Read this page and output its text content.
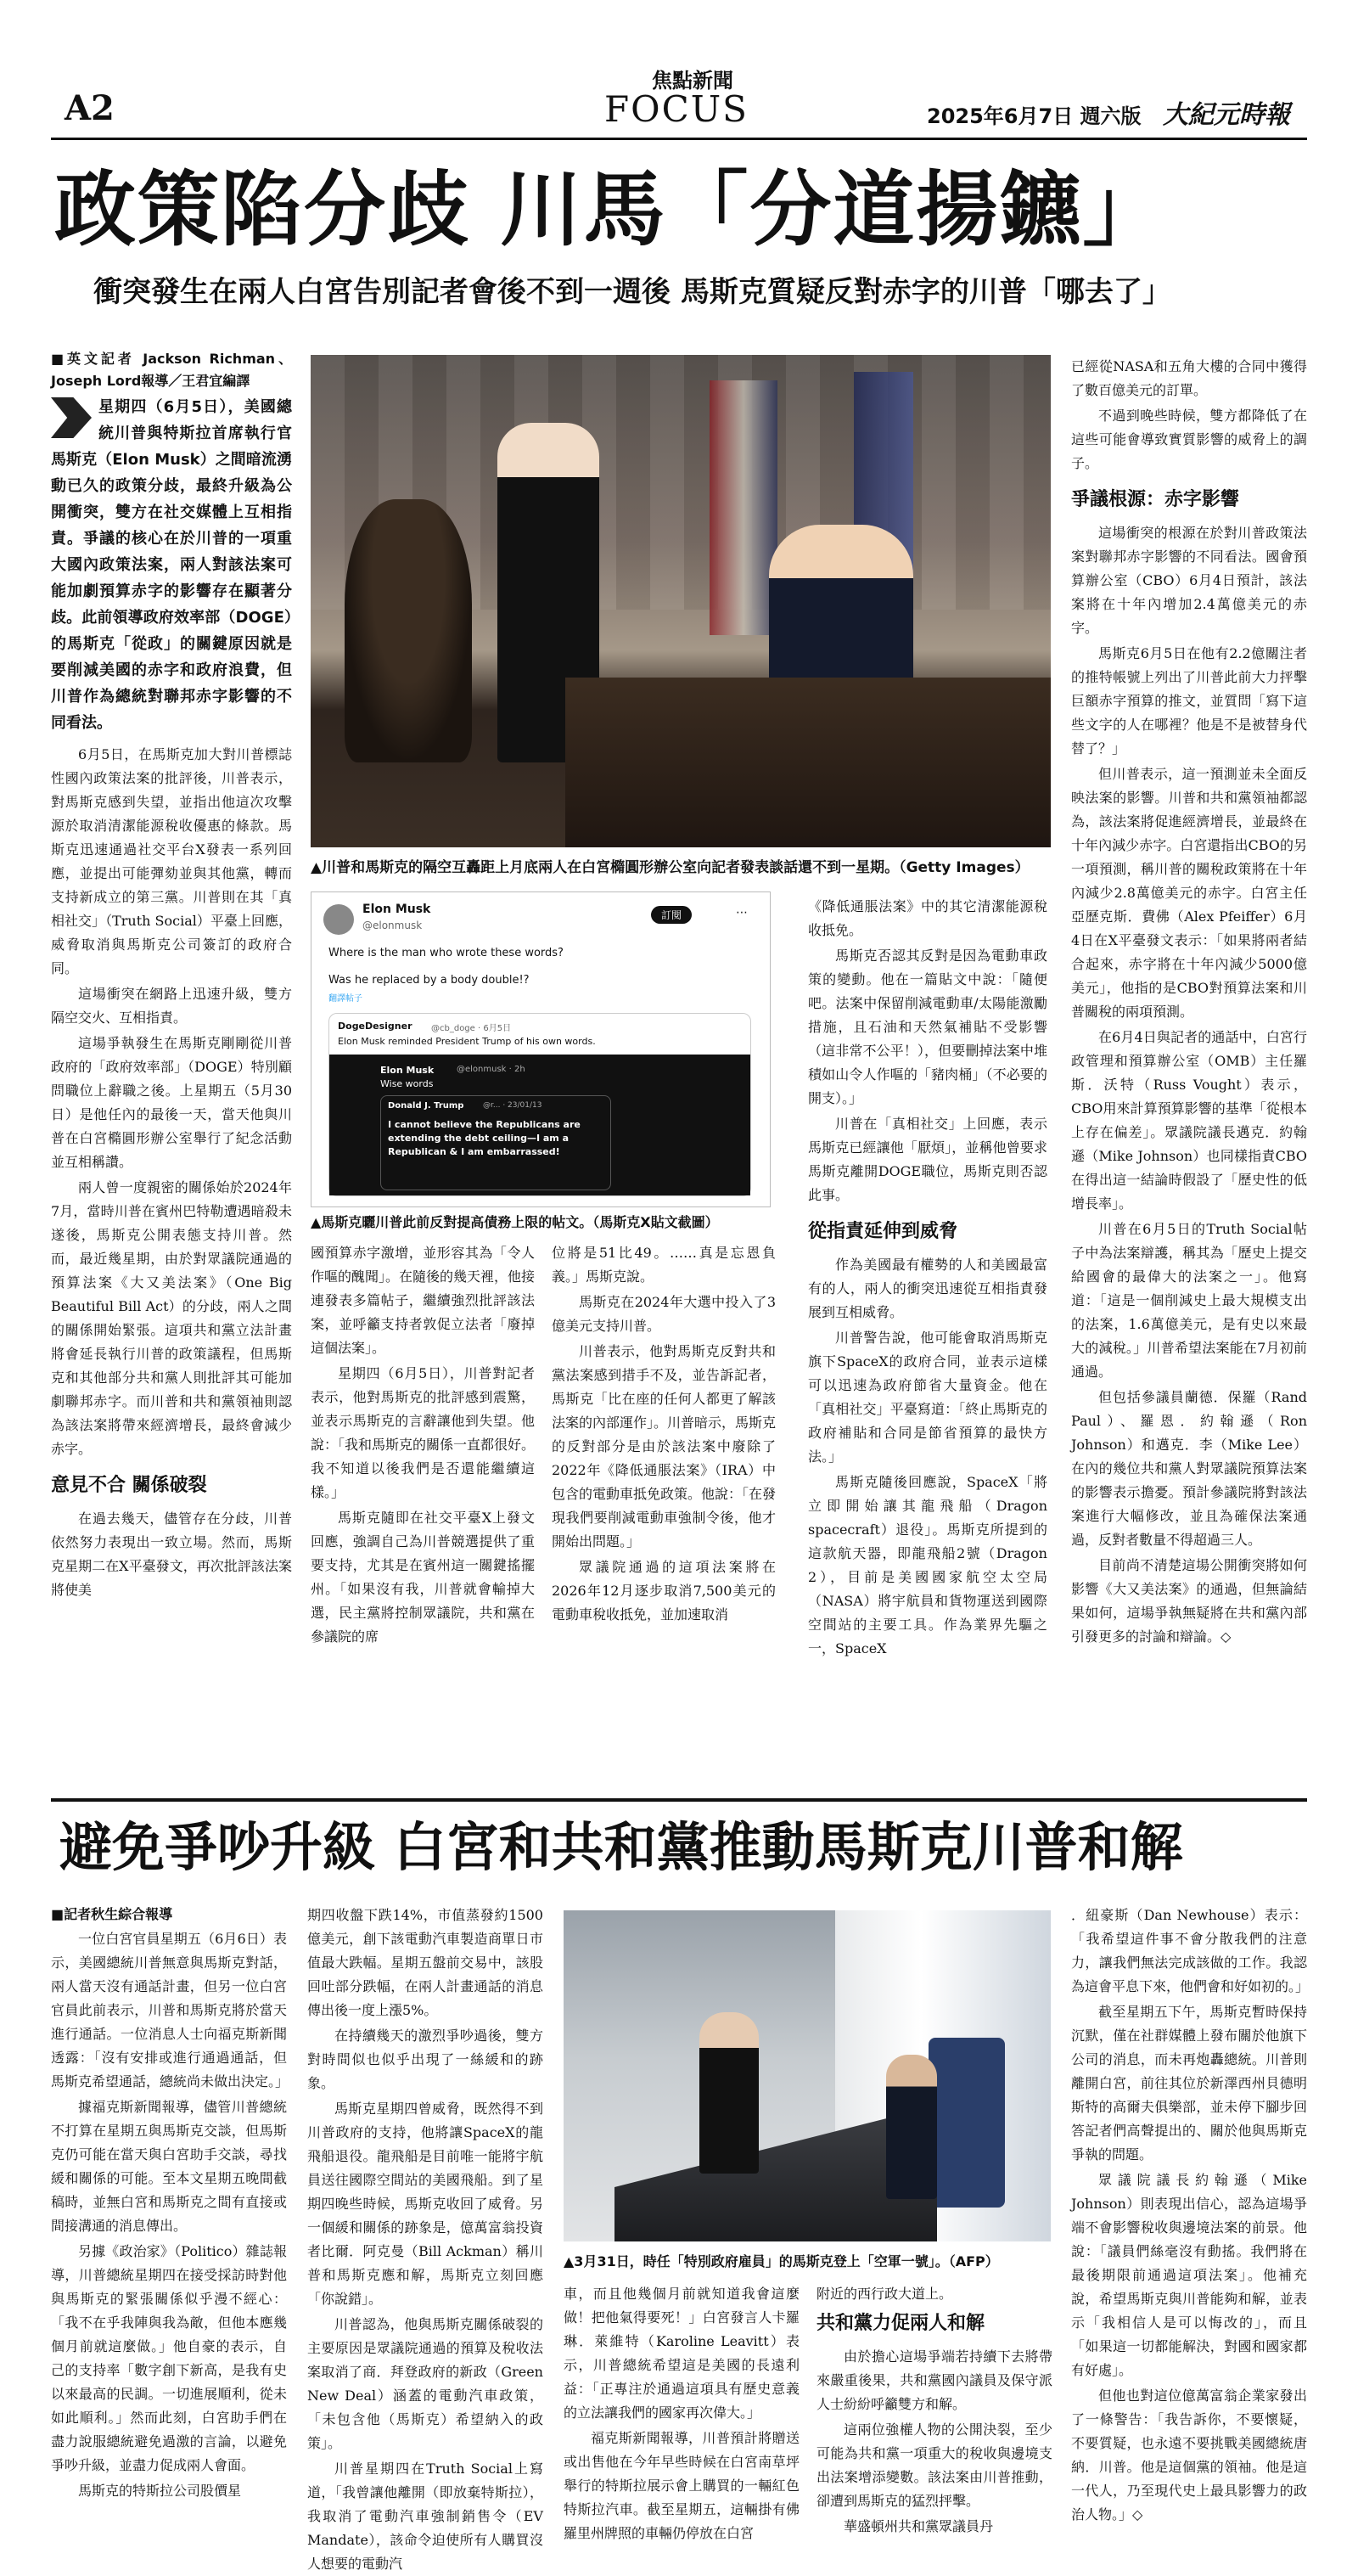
A2
焦點新聞
FOCUS	2025年6月7日 週六版 大紀元時報
政策陷分歧 川馬「分道揚鑣」
衝突發生在兩人白宮告別記者會後不到一週後 馬斯克質疑反對赤字的川普「哪去了」

■英文記者 Jackson Richman、Joseph Lord報導／王君宜編譯

星期四（6月5日），美國總統川普與特斯拉首席執行官馬斯克（Elon Musk）之間暗流湧動已久的政策分歧，最終升級為公開衝突，雙方在社交媒體上互相指責。爭議的核心在於川普的一項重大國內政策法案，兩人對該法案可能加劇預算赤字的影響存在顯著分歧。此前領導政府效率部（DOGE）的馬斯克「從政」的關鍵原因就是要削減美國的赤字和政府浪費，但川普作為總統對聯邦赤字影響的不同看法。

6月5日，在馬斯克加大對川普標誌性國內政策法案的批評後，川普表示，對馬斯克感到失望，並指出他這次攻擊源於取消清潔能源稅收優惠的條款。馬斯克迅速通過社交平台X發表一系列回應，並提出可能彈劾並與其他黨，轉而支持新成立的第三黨。川普則在其「真相社交」（Truth Social）平臺上回應，威脅取消與馬斯克公司簽訂的政府合同。

這場衝突在網路上迅速升級，雙方隔空交火、互相指責。

這場爭執發生在馬斯克剛剛從川普政府的「政府效率部」（DOGE）特別顧問職位上辭職之後。上星期五（5月30日）是他任內的最後一天，當天他與川普在白宮橢圓形辦公室舉行了紀念活動並互相稱讚。

兩人曾一度親密的關係始於2024年7月，當時川普在賓州巴特勒遭遇暗殺未遂後，馬斯克公開表態支持川普。然而，最近幾星期，由於對眾議院通過的預算法案《大又美法案》（One Big Beautiful Bill Act）的分歧，兩人之間的關係開始緊張。這項共和黨立法計畫將會延長執行川普的政策議程，但馬斯克和其他部分共和黨人則批評其可能加劇聯邦赤字。而川普和共和黨領袖則認為該法案將帶來經濟增長，最終會減少赤字。

意見不合 關係破裂

在過去幾天，儘管存在分歧，川普依然努力表現出一致立場。然而，馬斯克星期二在X平臺發文，再次批評該法案將使美

▲川普和馬斯克的隔空互轟距上月底兩人在白宮橢圓形辦公室向記者發表談話還不到一星期。（Getty Images）
Elon Musk
@elonmusk
訂閱	⋯
Where is the man who wrote these words?
Was he replaced by a body double!?
翻譯帖子
DogeDesigner @cb_doge · 6月5日
Elon Musk reminded President Trump of his own words.
Elon Musk	@elonmusk · 2h
Wise words
Donald J. Trump	@r... · 23/01/13
I cannot believe the Republicans are extending the debt ceiling—I am a Republican & I am embarrassed!
▲馬斯克曬川普此前反對提高債務上限的帖文。（馬斯克X貼文截圖）

國預算赤字激增，並形容其為「令人作嘔的醜聞」。在隨後的幾天裡，他接連發表多篇帖子，繼續強烈批評該法案，並呼籲支持者敦促立法者「廢掉這個法案」。

星期四（6月5日），川普對記者表示，他對馬斯克的批評感到震驚，並表示馬斯克的言辭讓他到失望。他說：「我和馬斯克的關係一直都很好。我不知道以後我們是否還能繼續這樣。」

馬斯克隨即在社交平臺X上發文回應，強調自己為川普競選提供了重要支持，尤其是在賓州這一關鍵搖擺州。「如果沒有我，川普就會輸掉大選，民主黨將控制眾議院，共和黨在參議院的席

位將是51比49。……真是忘恩負義。」馬斯克說。

馬斯克在2024年大選中投入了3億美元支持川普。

川普表示，他對馬斯克反對共和黨法案感到措手不及，並告訴記者，馬斯克「比在座的任何人都更了解該法案的內部運作」。川普暗示，馬斯克的反對部分是由於該法案中廢除了2022年《降低通脹法案》（IRA）中包含的電動車抵免政策。他說：「在發現我們要削減電動車強制令後，他才開始出問題。」

眾議院通過的這項法案將在2026年12月逐步取消7,500美元的電動車稅收抵免，並加速取消

《降低通脹法案》中的其它清潔能源稅收抵免。

馬斯克否認其反對是因為電動車政策的變動。他在一篇貼文中說：「隨便吧。法案中保留削減電動車/太陽能激勵措施，且石油和天然氣補貼不受影響（這非常不公平！），但要刪掉法案中堆積如山令人作嘔的「豬肉桶」（不必要的開支）。」

川普在「真相社交」上回應，表示馬斯克已經讓他「厭煩」，並稱他曾要求馬斯克離開DOGE職位，馬斯克則否認此事。

從指責延伸到威脅

作為美國最有權勢的人和美國最富有的人，兩人的衝突迅速從互相指責發展到互相威脅。

川普警告說，他可能會取消馬斯克旗下SpaceX的政府合同，並表示這樣可以迅速為政府節省大量資金。他在「真相社交」平臺寫道：「終止馬斯克的政府補貼和合同是節省預算的最快方法。」

馬斯克隨後回應說，SpaceX「將立即開始讓其龍飛船（Dragon spacecraft）退役」。馬斯克所提到的這款航天器，即龍飛船2號（Dragon 2），目前是美國國家航空太空局（NASA）將宇航員和貨物運送到國際空間站的主要工具。作為業界先驅之一，SpaceX

已經從NASA和五角大樓的合同中獲得了數百億美元的訂單。

不過到晚些時候，雙方都降低了在這些可能會導致實質影響的威脅上的調子。

爭議根源：赤字影響

這場衝突的根源在於對川普政策法案對聯邦赤字影響的不同看法。國會預算辦公室（CBO）6月4日預計，該法案將在十年內增加2.4萬億美元的赤字。

馬斯克6月5日在他有2.2億關注者的推特帳號上列出了川普此前大力抨擊巨額赤字預算的推文，並質問「寫下這些文字的人在哪裡？他是不是被替身代替了？」

但川普表示，這一預測並未全面反映法案的影響。川普和共和黨領袖都認為，該法案將促進經濟增長，並最終在十年內減少赤字。白宮還指出CBO的另一項預測，稱川普的關稅政策將在十年內減少2.8萬億美元的赤字。白宮主任亞歷克斯．費佛（Alex Pfeiffer）6月4日在X平臺發文表示：「如果將兩者結合起來，赤字將在十年內減少5000億美元」，他指的是CBO對預算法案和川普關稅的兩項預測。

在6月4日與記者的通話中，白宮行政管理和預算辦公室（OMB）主任羅斯．沃特（Russ Vought）表示，CBO用來計算預算影響的基準「從根本上存在偏差」。眾議院議長邁克．約翰遜（Mike Johnson）也同樣指責CBO在得出這一結論時假設了「歷史性的低增長率」。

川普在6月5日的Truth Social帖子中為法案辯護，稱其為「歷史上提交給國會的最偉大的法案之一」。他寫道：「這是一個削減史上最大規模支出的法案，1.6萬億美元，是有史以來最大的減稅。」川普希望法案能在7月初前通過。

但包括參議員蘭德．保羅（Rand Paul）、羅恩．約翰遜（Ron Johnson）和邁克．李（Mike Lee）在內的幾位共和黨人對眾議院預算法案的影響表示擔憂。預計參議院將對該法案進行大幅修改，並且為確保法案通過，反對者數量不得超過三人。

目前尚不清楚這場公開衝突將如何影響《大又美法案》的通過，但無論結果如何，這場爭執無疑將在共和黨內部引發更多的討論和辯論。◇

避免爭吵升級 白宮和共和黨推動馬斯克川普和解

■記者秋生綜合報導

一位白宮官員星期五（6月6日）表示，美國總統川普無意與馬斯克對話，兩人當天沒有通話計畫，但另一位白宮官員此前表示，川普和馬斯克將於當天進行通話。一位消息人士向福克斯新聞透露：「沒有安排或進行通過通話，但馬斯克希望通話，總統尚未做出決定。」

據福克斯新聞報導，儘管川普總統不打算在星期五與馬斯克交談，但馬斯克仍可能在當天與白宮助手交談，尋找緩和關係的可能。至本文星期五晚間截稿時，並無白宮和馬斯克之間有直接或間接溝通的消息傳出。

另據《政治家》（Politico）雜誌報導，川普總統星期四在接受採訪時對他與馬斯克的緊張關係似乎漫不經心：「我不在乎我陣與我為敵，但他本應幾個月前就這麼做。」他自豪的表示，自己的支持率「數字創下新高，是我有史以來最高的民調。一切進展順利，從未如此順利。」然而此刻，白宮助手們在盡力說服總統避免過激的言論，以避免爭吵升級，並盡力促成兩人會面。

馬斯克的特斯拉公司股價星

期四收盤下跌14%，市值蒸發約1500億美元，創下該電動汽車製造商單日市值最大跌幅。星期五盤前交易中，該股回吐部分跌幅，在兩人計畫通話的消息傳出後一度上漲5%。

在持續幾天的激烈爭吵過後，雙方對時間似也似乎出現了一絲緩和的跡象。

馬斯克星期四曾威脅，既然得不到川普政府的支持，他將讓SpaceX的龍飛船退役。龍飛船是目前唯一能將宇航員送往國際空間站的美國飛船。到了星期四晚些時候，馬斯克收回了威脅。另一個緩和關係的跡象是，億萬富翁投資者比爾．阿克曼（Bill Ackman）稱川普和馬斯克應和解，馬斯克立刻回應「你說錯」。

川普認為，他與馬斯克關係破裂的主要原因是眾議院通過的預算及稅收法案取消了商．拜登政府的新政（Green New Deal）涵蓋的電動汽車政策，「未包含他（馬斯克）希望納入的政策」。

川普星期四在Truth Social上寫道，「我曾讓他離開（即放棄特斯拉），我取消了電動汽車強制銷售令（EV Mandate），該命令迫使所有人購買沒人想要的電動汽

▲3月31日，時任「特別政府雇員」的馬斯克登上「空軍一號」。（AFP）

車，而且他幾個月前就知道我會這麼做！把他氣得要死！」白宮發言人卡羅琳．萊維特（Karoline Leavitt）表示，川普總統希望這是美國的長遠利益：「正專注於通過這項具有歷史意義的立法讓我們的國家再次偉大。」

福克斯新聞報導，川普預計將贈送或出售他在今年早些時候在白宮南草坪舉行的特斯拉展示會上購買的一輛紅色特斯拉汽車。截至星期五，這輛掛有佛羅里州牌照的車輛仍停放在白宮

附近的西行政大道上。

共和黨力促兩人和解

由於擔心這場爭端若持續下去將帶來嚴重後果，共和黨國內議員及保守派人士紛紛呼籲雙方和解。

這兩位強權人物的公開決裂，至少可能為共和黨一項重大的稅收與邊境支出法案增添變數。該法案由川普推動，卻遭到馬斯克的猛烈抨擊。

華盛頓州共和黨眾議員丹

．紐豪斯（Dan Newhouse）表示：「我希望這件事不會分散我們的注意力，讓我們無法完成該做的工作。我認為這會平息下來，他們會和好如初的。」

截至星期五下午，馬斯克暫時保持沉默，僅在社群媒體上發布關於他旗下公司的消息，而未再炮轟總統。川普則離開白宮，前往其位於新澤西州貝德明斯特的高爾夫俱樂部，並未停下腳步回答記者們高聲提出的、關於他與馬斯克爭執的問題。

眾議院議長約翰遜（Mike Johnson）則表現出信心，認為這場爭端不會影響稅收與邊境法案的前景。他說：「議員們絲毫沒有動搖。我們將在最後期限前通過這項法案」。他補充說，希望馬斯克與川普能夠和解，並表示「我相信人是可以悔改的」，而且「如果這一切都能解決，對國和國家都有好處」。

但他也對這位億萬富翁企業家發出了一條警告：「我告訴你，不要懷疑，不要質疑，也永遠不要挑戰美國總統唐納．川普。他是這個黨的領袖。他是這一代人，乃至現代史上最具影響力的政治人物。」◇
